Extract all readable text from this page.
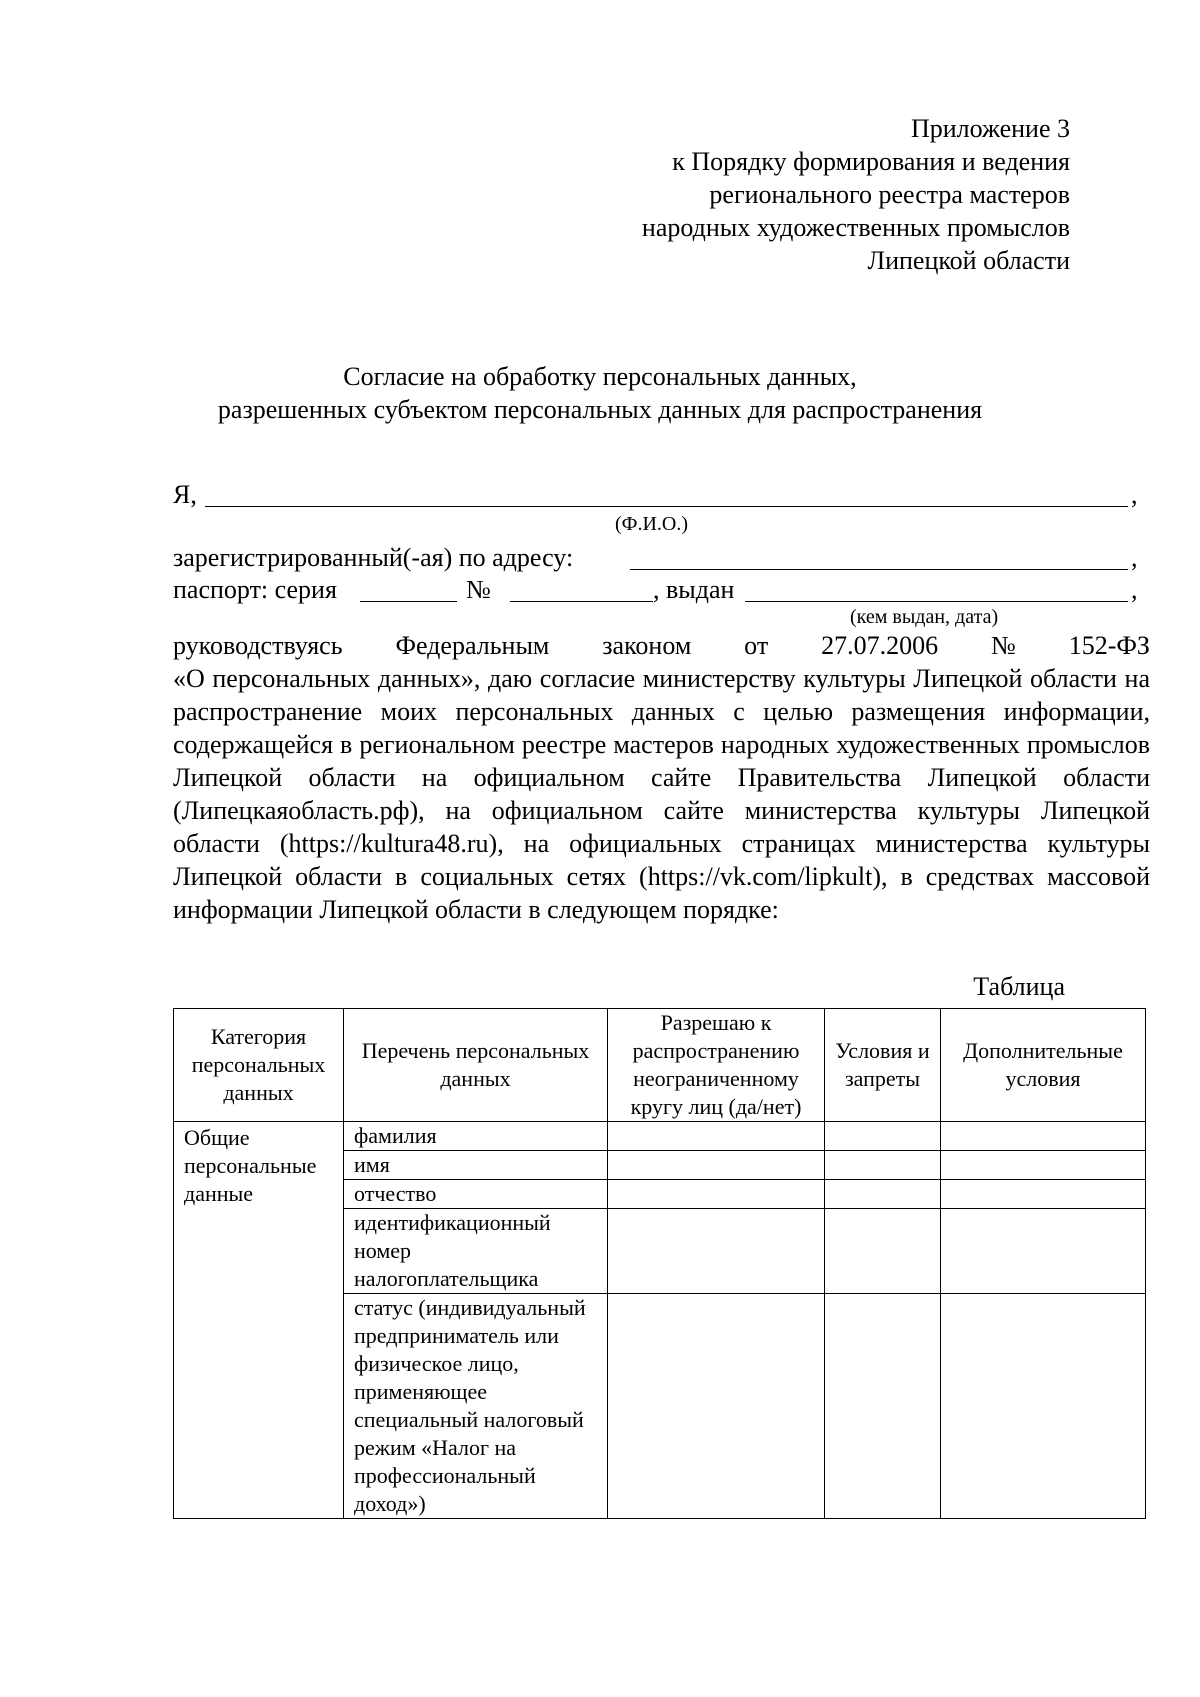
Приложение 3
к Порядку формирования и ведения
регионального реестра мастеров
народных художественных промыслов
Липецкой области
Согласие на обработку персональных данных,
разрешенных субъектом персональных данных для распространения
Я,	,
(Ф.И.О.)
зарегистрированный(-ая) по адресу:	,
паспорт: серия	№	, выдан	,
(кем выдан, дата)
руководствуясь Федеральным законом от 27.07.2006 № 152-ФЗ
«О персональных данных», даю согласие министерству культуры Липецкой области на распространение моих персональных данных с целью размещения информации, содержащейся в региональном реестре мастеров народных художественных промыслов Липецкой области на официальном сайте Правительства Липецкой области (Липецкаяобласть.рф), на официальном сайте министерства культуры Липецкой области (https://kultura48.ru), на официальных страницах министерства культуры Липецкой области в социальных сетях (https://vk.com/lipkult), в средствах массовой информации Липецкой области в следующем порядке:
Таблица
Категория персональных данных	Перечень персональных данных	Разрешаю к распространению неограниченному кругу лиц (да/нет)	Условия и запреты	Дополнительные условия
Общие персональные данные	фамилия			
	имя			
	отчество			
	идентификационный номер налогоплательщика			
	статус (индивидуальный предприниматель или физическое лицо, применяющее специальный налоговый режим «Налог на профессиональный доход»)			
